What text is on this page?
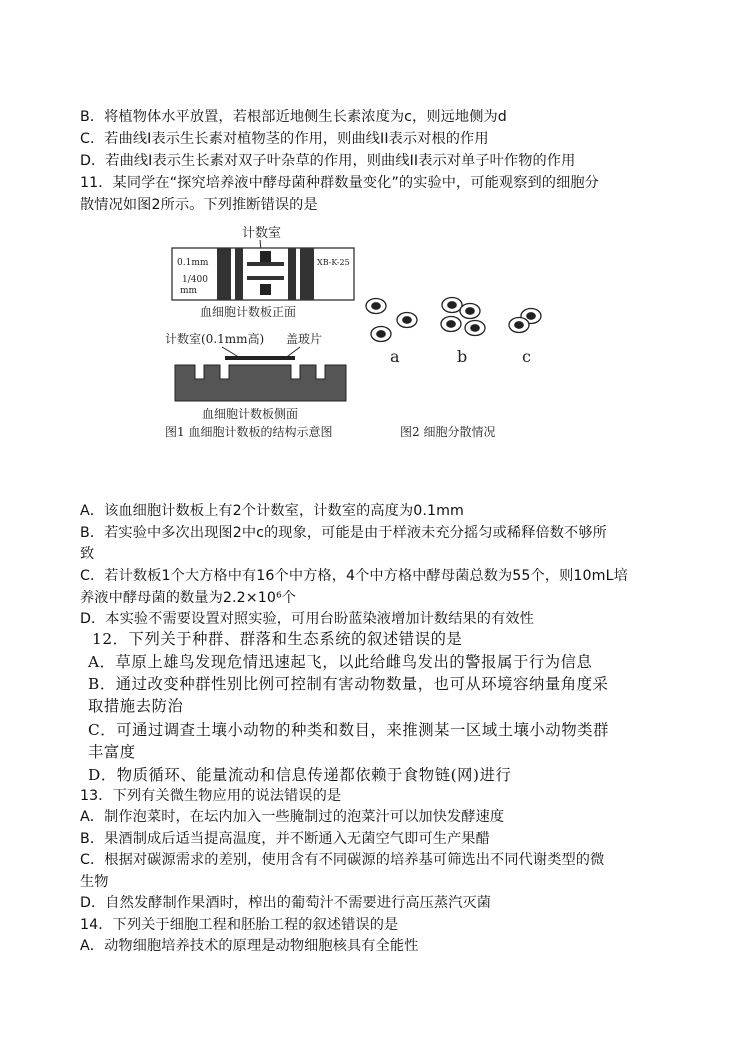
B．将植物体水平放置，若根部近地侧生长素浓度为c，则远地侧为d
C．若曲线I表示生长素对植物茎的作用，则曲线II表示对根的作用
D．若曲线I表示生长素对双子叶杂草的作用，则曲线II表示对单子叶作物的作用
11．某同学在“探究培养液中酵母菌种群数量变化”的实验中，可能观察到的细胞分
散情况如图2所示。下列推断错误的是
计数室
0.1mm
1/400
mm
XB-K-25
血细胞计数板正面
计数室(0.1mm高) 盖玻片
血细胞计数板侧面
图1 血细胞计数板的结构示意图	图2 细胞分散情况
a	b	c
A．该血细胞计数板上有2个计数室，计数室的高度为0.1mm
B．若实验中多次出现图2中c的现象，可能是由于样液未充分摇匀或稀释倍数不够所
致
C．若计数板1个大方格中有16个中方格，4个中方格中酵母菌总数为55个，则10mL培
养液中酵母菌的数量为2.2×10⁶个
D．本实验不需要设置对照实验，可用台盼蓝染液增加计数结果的有效性
12．下列关于种群、群落和生态系统的叙述错误的是
A．草原上雄鸟发现危情迅速起飞，以此给雌鸟发出的警报属于行为信息
B．通过改变种群性别比例可控制有害动物数量，也可从环境容纳量角度采
取措施去防治
C．可通过调查土壤小动物的种类和数目，来推测某一区域土壤小动物类群
丰富度
D．物质循环、能量流动和信息传递都依赖于食物链(网)进行
13．下列有关微生物应用的说法错误的是
A．制作泡菜时，在坛内加入一些腌制过的泡菜汁可以加快发酵速度
B．果酒制成后适当提高温度，并不断通入无菌空气即可生产果醋
C．根据对碳源需求的差别，使用含有不同碳源的培养基可筛选出不同代谢类型的微
生物
D．自然发酵制作果酒时，榨出的葡萄汁不需要进行高压蒸汽灭菌
14．下列关于细胞工程和胚胎工程的叙述错误的是
A．动物细胞培养技术的原理是动物细胞核具有全能性
